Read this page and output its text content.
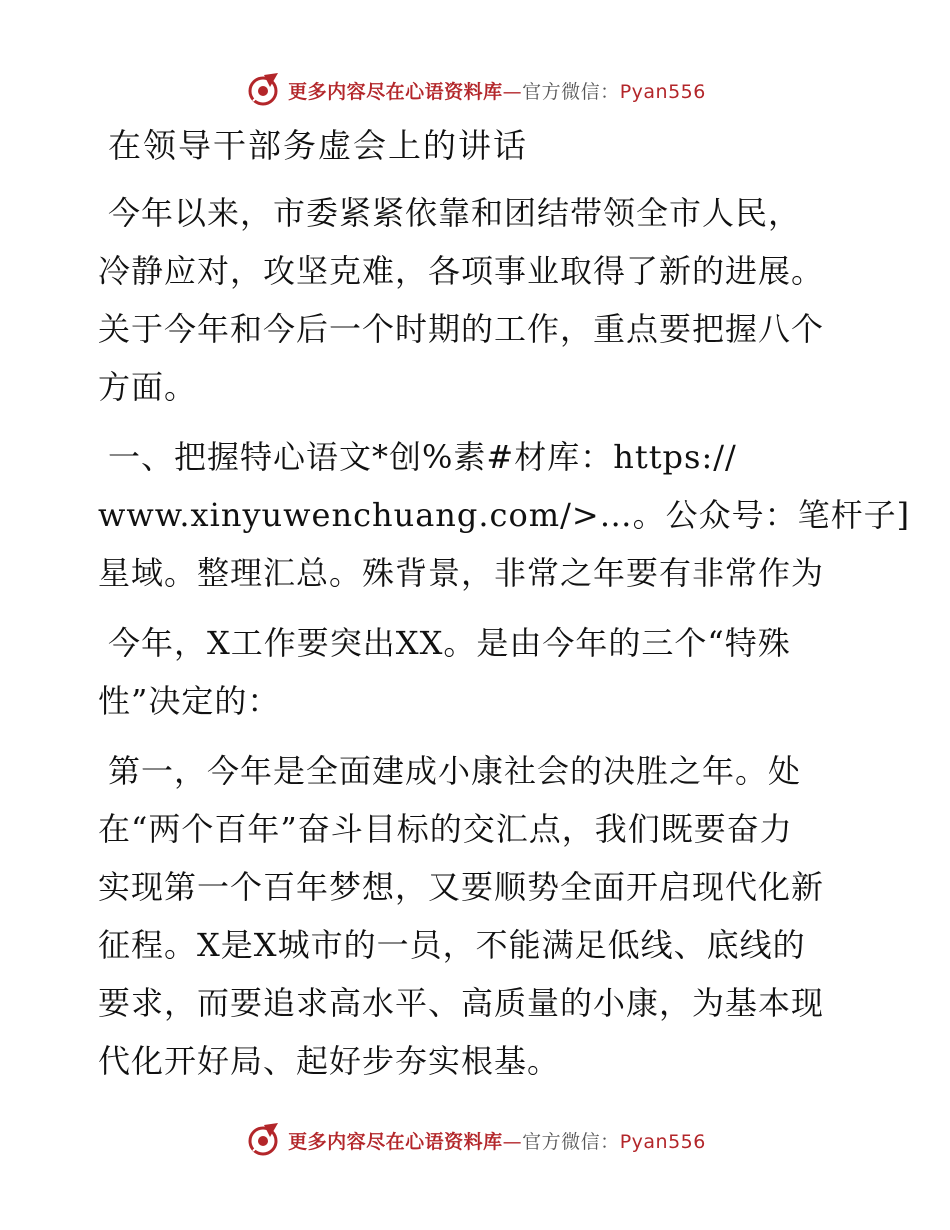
更多内容尽在心语资料库—官方微信：Pyan556
在领导干部务虚会上的讲话
今年以来，市委紧紧依靠和团结带领全市人民，
冷静应对，攻坚克难，各项事业取得了新的进展。
关于今年和今后一个时期的工作，重点要把握八个
方面。
一、把握特心语文*创%素#材库：https://
www.xinyuwenchuang.com/>…。公众号：笔杆子]
星域。整理汇总。殊背景，非常之年要有非常作为
今年，X工作要突出XX。是由今年的三个“特殊
性”决定的：
第一，今年是全面建成小康社会的决胜之年。处
在“两个百年”奋斗目标的交汇点，我们既要奋力
实现第一个百年梦想，又要顺势全面开启现代化新
征程。X是X城市的一员，不能满足低线、底线的
要求，而要追求高水平、高质量的小康，为基本现
代化开好局、起好步夯实根基。
更多内容尽在心语资料库—官方微信：Pyan556
